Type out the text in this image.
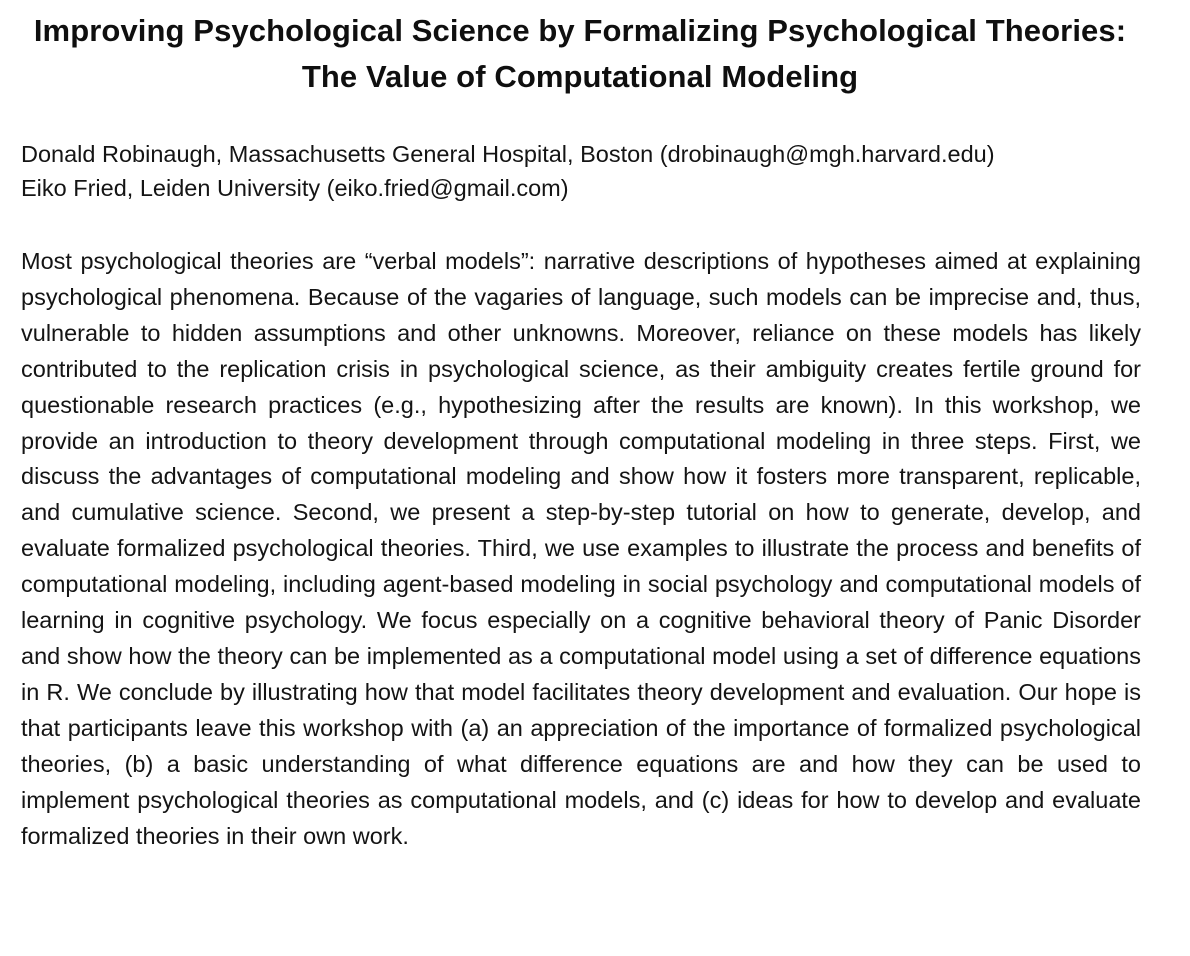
Improving Psychological Science by Formalizing Psychological Theories: The Value of Computational Modeling
Donald Robinaugh, Massachusetts General Hospital, Boston (drobinaugh@mgh.harvard.edu)
Eiko Fried, Leiden University (eiko.fried@gmail.com)

Most psychological theories are “verbal models”: narrative descriptions of hypotheses aimed at explaining psychological phenomena. Because of the vagaries of language, such models can be imprecise and, thus, vulnerable to hidden assumptions and other unknowns. Moreover, reliance on these models has likely contributed to the replication crisis in psychological science, as their ambiguity creates fertile ground for questionable research practices (e.g., hypothesizing after the results are known). In this workshop, we provide an introduction to theory development through computational modeling in three steps. First, we discuss the advantages of computational modeling and show how it fosters more transparent, replicable, and cumulative science. Second, we present a step-by-step tutorial on how to generate, develop, and evaluate formalized psychological theories. Third, we use examples to illustrate the process and benefits of computational modeling, including agent-based modeling in social psychology and computational models of learning in cognitive psychology. We focus especially on a cognitive behavioral theory of Panic Disorder and show how the theory can be implemented as a computational model using a set of difference equations in R. We conclude by illustrating how that model facilitates theory development and evaluation. Our hope is that participants leave this workshop with (a) an appreciation of the importance of formalized psychological theories, (b) a basic understanding of what difference equations are and how they can be used to implement psychological theories as computational models, and (c) ideas for how to develop and evaluate formalized theories in their own work.
